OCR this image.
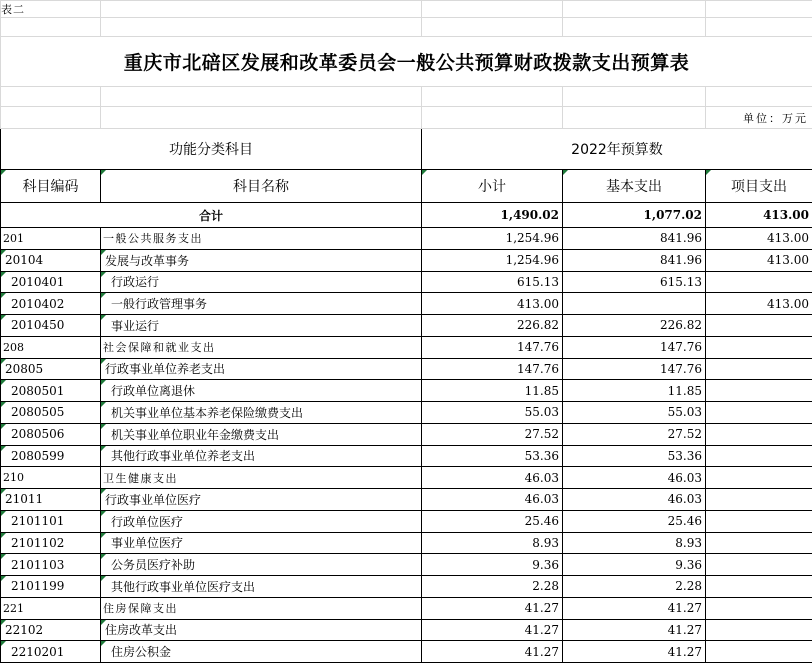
表二				

重庆市北碚区发展和改革委员会一般公共预算财政拨款支出预算表				

				单位：万元
功能分类科目		2022年预算数		
科目编码	科目名称	小计	基本支出	项目支出
合计		1,490.02	1,077.02	413.00
201	一般公共服务支出	1,254.96	841.96	413.00
20104	发展与改革事务	1,254.96	841.96	413.00
2010401	行政运行	615.13	615.13	
2010402	一般行政管理事务	413.00		413.00
2010450	事业运行	226.82	226.82	
208	社会保障和就业支出	147.76	147.76	
20805	行政事业单位养老支出	147.76	147.76	
2080501	行政单位离退休	11.85	11.85	
2080505	机关事业单位基本养老保险缴费支出	55.03	55.03	
2080506	机关事业单位职业年金缴费支出	27.52	27.52	
2080599	其他行政事业单位养老支出	53.36	53.36	
210	卫生健康支出	46.03	46.03	
21011	行政事业单位医疗	46.03	46.03	
2101101	行政单位医疗	25.46	25.46	
2101102	事业单位医疗	8.93	8.93	
2101103	公务员医疗补助	9.36	9.36	
2101199	其他行政事业单位医疗支出	2.28	2.28	
221	住房保障支出	41.27	41.27	
22102	住房改革支出	41.27	41.27	
2210201	住房公积金	41.27	41.27	
